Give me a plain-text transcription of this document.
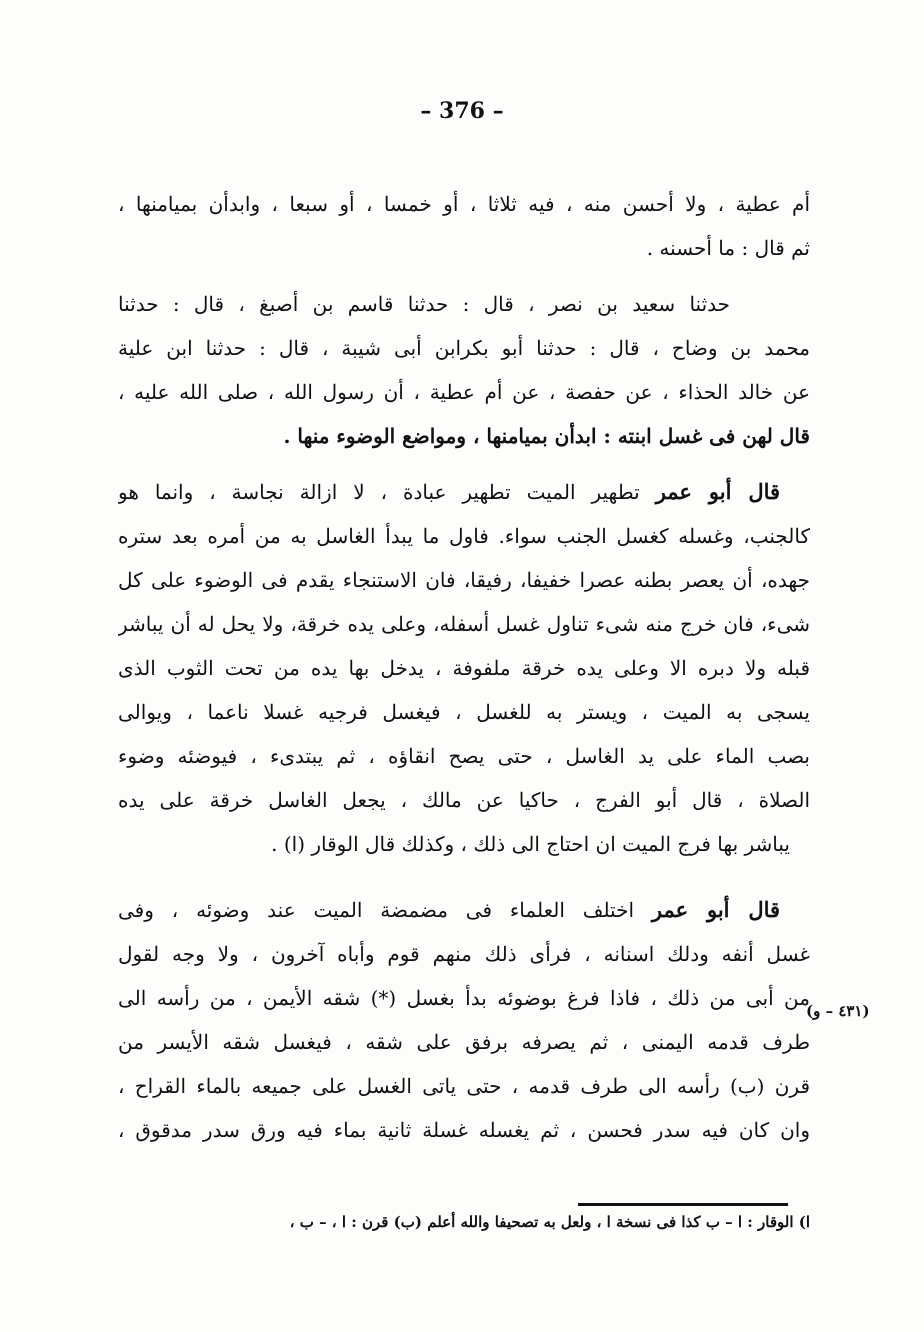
– 376 –
أم عطية ، ولا أحسن منه ، فيه ثلاثا ، أو خمسا ، أو سبعا ، وابدأن بميامنها ،
ثم قال : ما أحسنه .
حدثنا سعيد بن نصر ، قال : حدثنا قاسم بن أصبغ ، قال : حدثنا
محمد بن وضاح ، قال : حدثنا أبو بكرابن أبى شيبة ، قال : حدثنا ابن علية
عن خالد الحذاء ، عن حفصة ، عن أم عطية ، أن رسول الله ، صلى الله عليه ،
قال لهن فى غسل ابنته : ابدأن بميامنها ، ومواضع الوضوء منها .
قال أبو عمر تطهير الميت تطهير عبادة ، لا ازالة نجاسة ، وانما هو
كالجنب، وغسله كغسل الجنب سواء. فاول ما يبدأ الغاسل به من أمره بعد ستره
جهده، أن يعصر بطنه عصرا خفيفا، رفيقا، فان الاستنجاء يقدم فى الوضوء على كل
شىء، فان خرج منه شىء تناول غسل أسفله، وعلى يده خرقة، ولا يحل له أن يباشر
قبله ولا دبره الا وعلى يده خرقة ملفوفة ، يدخل بها يده من تحت الثوب الذى
يسجى به الميت ، ويستر به للغسل ، فيغسل فرجيه غسلا ناعما ، ويوالى
بصب الماء على يد الغاسل ، حتى يصح انقاؤه ، ثم يبتدىء ، فيوضئه وضوء
الصلاة ، قال أبو الفرج ، حاكيا عن مالك ، يجعل الغاسل خرقة على يده
يباشر بها فرج الميت ان احتاج الى ذلك ، وكذلك قال الوقار (ا) .
قال أبو عمر اختلف العلماء فى مضمضة الميت عند وضوئه ، وفى
غسل أنفه ودلك اسنانه ، فرأى ذلك منهم قوم وأباه آخرون ، ولا وجه لقول
من أبى من ذلك ، فاذا فرغ بوضوئه بدأ بغسل (*) شقه الأيمن ، من رأسه الى
طرف قدمه اليمنى ، ثم يصرفه برفق على شقه ، فيغسل شقه الأيسر من
قرن (ب) رأسه الى طرف قدمه ، حتى ياتى الغسل على جميعه بالماء القراح ،
وان كان فيه سدر فحسن ، ثم يغسله غسلة ثانية بماء فيه ورق سدر مدقوق ،
(٤٣١ – و)
ا) الوقار : ا – ب كذا فى نسخة ا ، ولعل به تصحيفا والله أعلم (ب) قرن : ا ، – ب ،
